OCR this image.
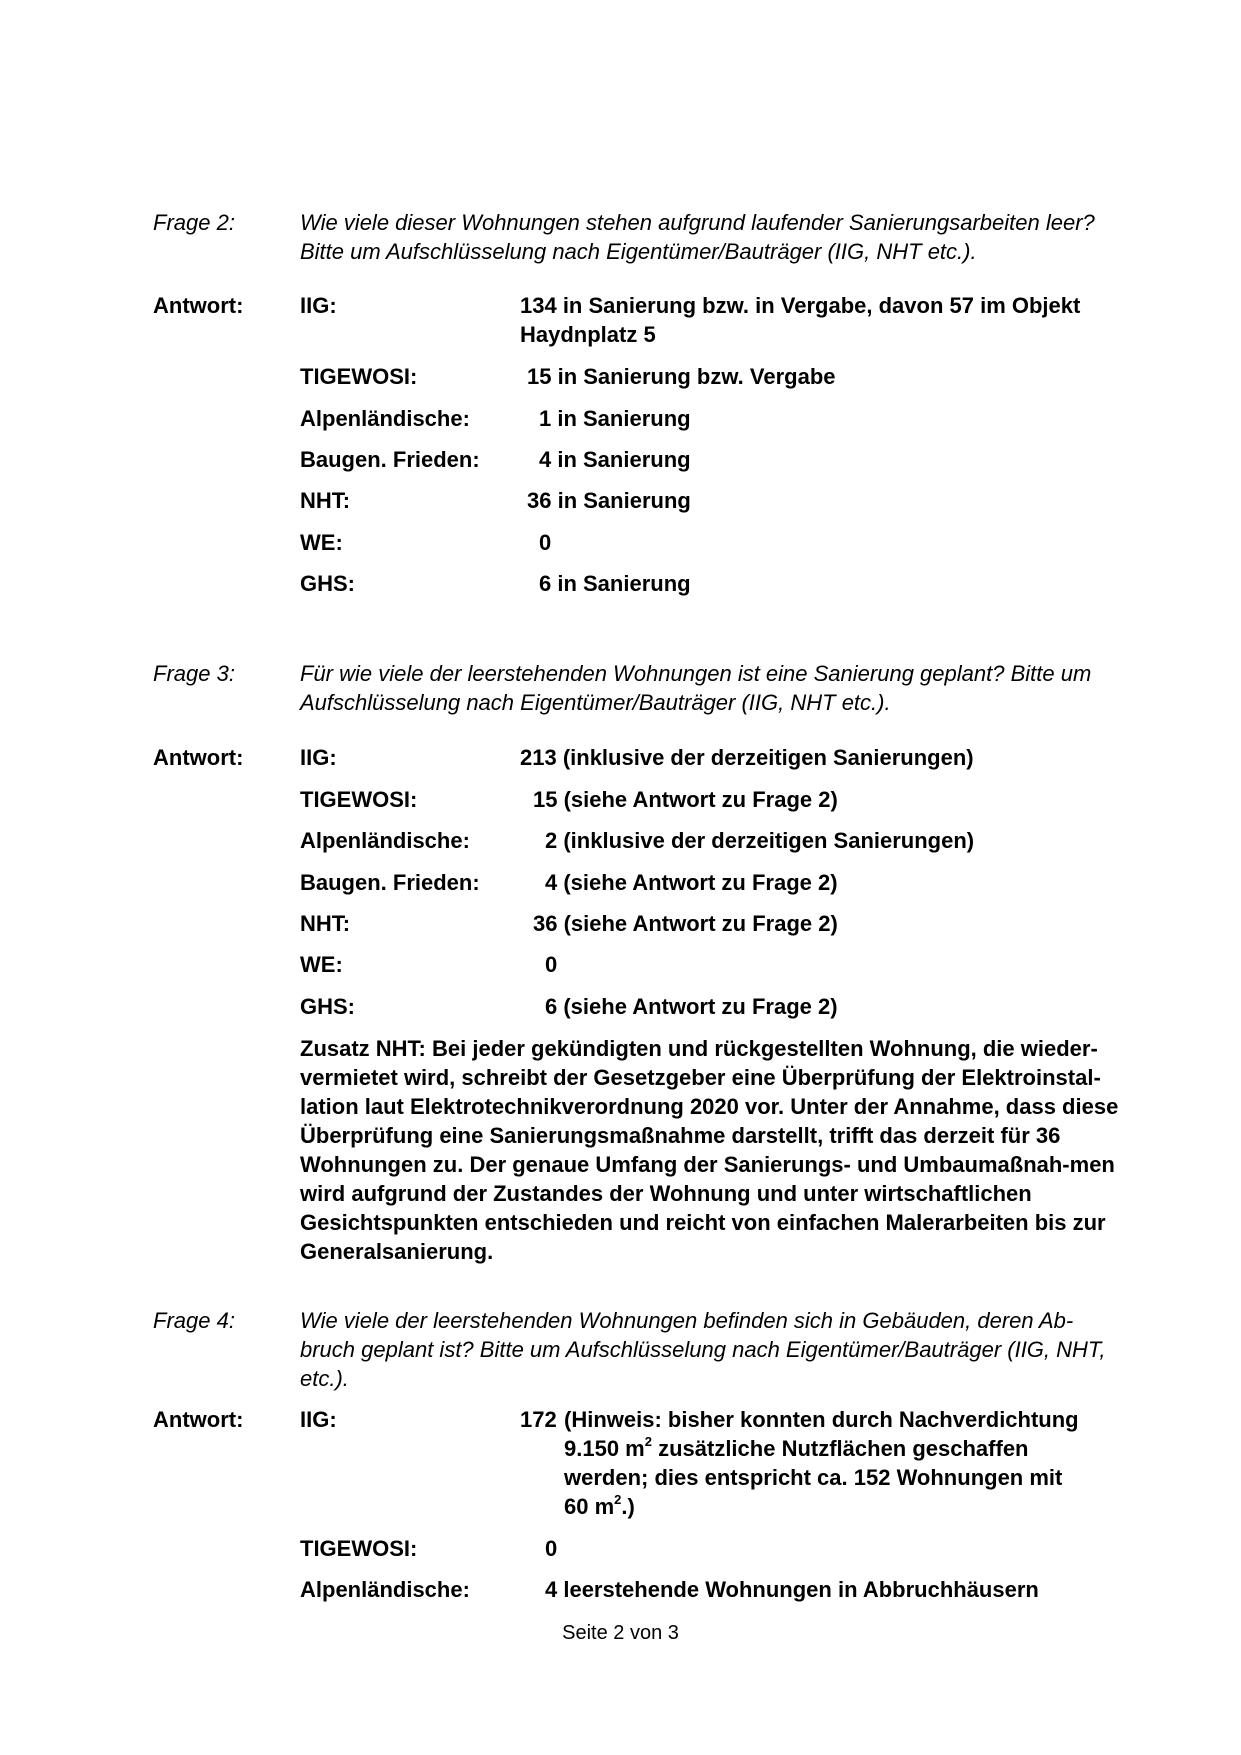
Frage 2:	Wie viele dieser Wohnungen stehen aufgrund laufender Sanierungsarbeiten leer? Bitte um Aufschlüsselung nach Eigentümer/Bauträger (IIG, NHT etc.).
Antwort:	IIG:	134 in Sanierung bzw. in Vergabe, davon 57 im Objekt Haydnplatz 5
TIGEWOSI:	15 in Sanierung bzw. Vergabe
Alpenländische:	1 in Sanierung
Baugen. Frieden:	4 in Sanierung
NHT:	36 in Sanierung
WE:	0
GHS:	6 in Sanierung
Frage 3:	Für wie viele der leerstehenden Wohnungen ist eine Sanierung geplant? Bitte um Aufschlüsselung nach Eigentümer/Bauträger (IIG, NHT etc.).
Antwort:	IIG:	213 (inklusive der derzeitigen Sanierungen)
TIGEWOSI:	15 (siehe Antwort zu Frage 2)
Alpenländische:	2 (inklusive der derzeitigen Sanierungen)
Baugen. Frieden:	4 (siehe Antwort zu Frage 2)
NHT:	36 (siehe Antwort zu Frage 2)
WE:	0
GHS:	6 (siehe Antwort zu Frage 2)
Zusatz NHT: Bei jeder gekündigten und rückgestellten Wohnung, die wieder-vermietet wird, schreibt der Gesetzgeber eine Überprüfung der Elektroinstal-lation laut Elektrotechnikverordnung 2020 vor. Unter der Annahme, dass diese Überprüfung eine Sanierungsmaßnahme darstellt, trifft das derzeit für 36 Wohnungen zu. Der genaue Umfang der Sanierungs- und Umbaumaßnah-men wird aufgrund der Zustandes der Wohnung und unter wirtschaftlichen Gesichtspunkten entschieden und reicht von einfachen Malerarbeiten bis zur Generalsanierung.
Frage 4:	Wie viele der leerstehenden Wohnungen befinden sich in Gebäuden, deren Ab-bruch geplant ist? Bitte um Aufschlüsselung nach Eigentümer/Bauträger (IIG, NHT, etc.).
Antwort:	IIG:	172 (Hinweis: bisher konnten durch Nachverdichtung
9.150 $m^2$ zusätzliche Nutzflächen geschaffen
werden; dies entspricht ca. 152 Wohnungen mit
60 $m^2$.)
TIGEWOSI:	0
Alpenländische:	4 leerstehende Wohnungen in Abbruchhäusern
Seite 2 von 3
